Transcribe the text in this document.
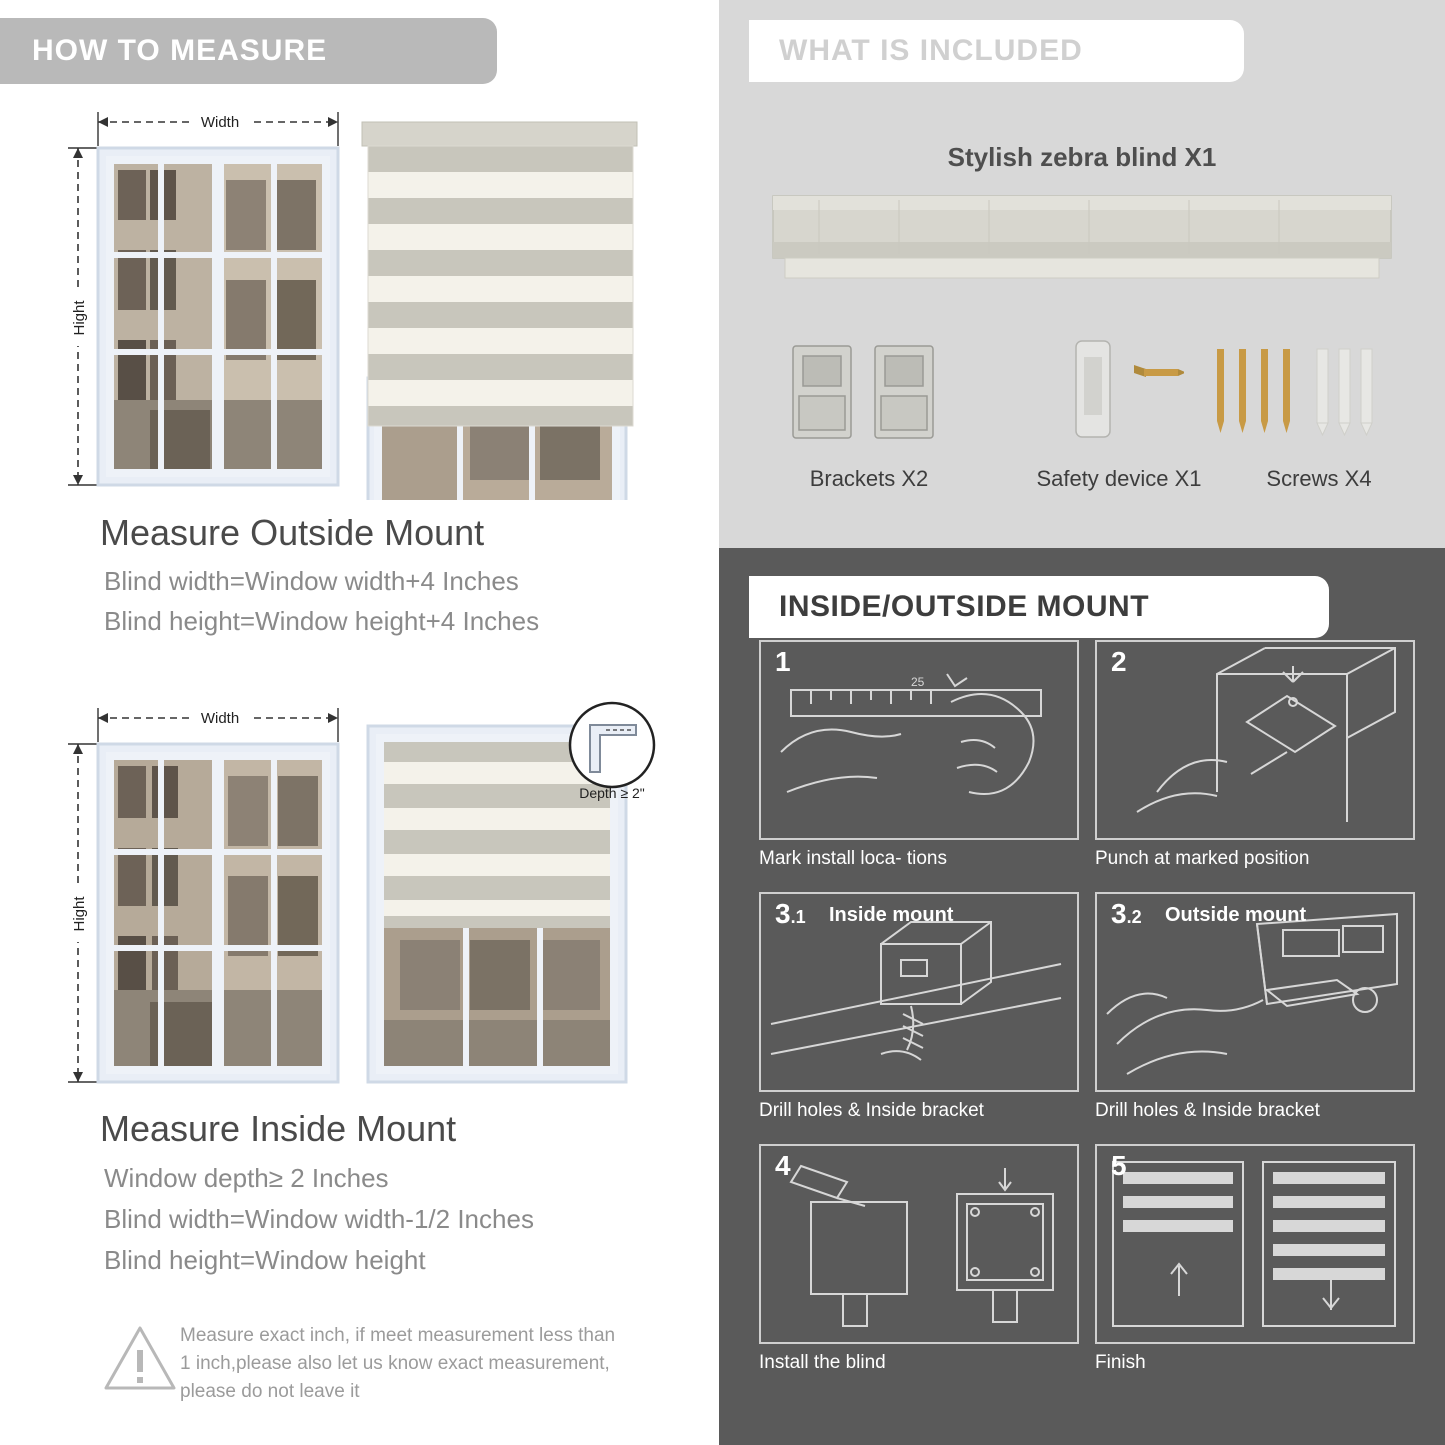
HOW TO MEASURE
Width
Hight
Measure Outside Mount

Blind width=Window width+4 Inches

Blind height=Window height+4 Inches

Width
Hight
Depth ≥ 2"
Measure Inside Mount

Window depth≥ 2 Inches

Blind width=Window width-1/2 Inches

Blind height=Window height

Measure exact inch, if meet measurement less than 1 inch,please also let us know exact measurement, please do not leave it
WHAT IS INCLUDED
Stylish zebra blind X1
Brackets X2	Safety device X1	Screws X4
INSIDE/OUTSIDE MOUNT
25
1
Mark install loca- tions
2
Punch at marked position
3.1 Inside mount
Drill holes & Inside bracket
3.2 Outside mount
Drill holes & Inside bracket
4
Install the blind
5
Finish
